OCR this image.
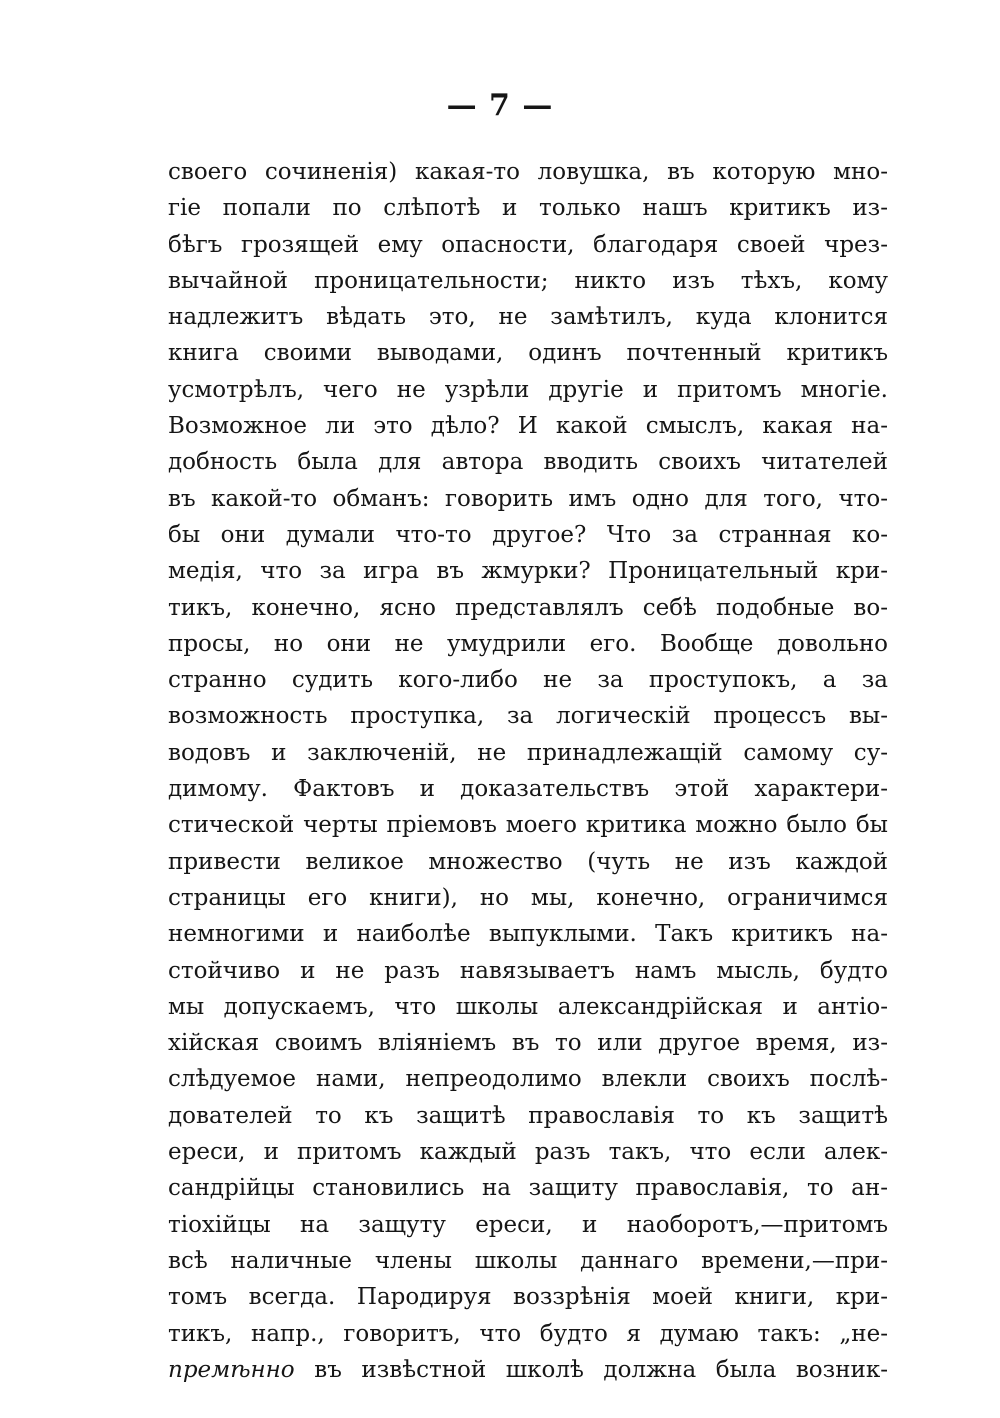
— 7 —
своего сочиненія) какая-то ловушка, въ которую мно-
гіе попали по слѣпотѣ и только нашъ критикъ из-
бѣгъ грозящей ему опасности, благодаря своей чрез-
вычайной проницательности; никто изъ тѣхъ, кому
надлежитъ вѣдать это, не замѣтилъ, куда клонится
книга своими выводами, одинъ почтенный критикъ
усмотрѣлъ, чего не узрѣли другіе и притомъ многіе.
Возможное ли это дѣло? И какой смыслъ, какая на-
добность была для автора вводить своихъ читателей
въ какой-то обманъ: говорить имъ одно для того, что-
бы они думали что-то другое? Что за странная ко-
медія, что за игра въ жмурки? Проницательный кри-
тикъ, конечно, ясно представлялъ себѣ подобные во-
просы, но они не умудрили его. Вообще довольно
странно судить кого-либо не за проступокъ, а за
возможность проступка, за логическій процессъ вы-
водовъ и заключеній, не принадлежащій самому су-
димому. Фактовъ и доказательствъ этой характери-
стической черты пріемовъ моего критика можно было бы
привести великое множество (чуть не изъ каждой
страницы его книги), но мы, конечно, ограничимся
немногими и наиболѣе выпуклыми. Такъ критикъ на-
стойчиво и не разъ навязываетъ намъ мысль, будто
мы допускаемъ, что школы александрійская и антіо-
хійская своимъ вліяніемъ въ то или другое время, из-
слѣдуемое нами, непреодолимо влекли своихъ послѣ-
дователей то къ защитѣ православія то къ защитѣ
ереси, и притомъ каждый разъ такъ, что если алек-
сандрійцы становились на защиту православія, то ан-
тіохійцы на защуту ереси, и наоборотъ,—притомъ
всѣ наличные члены школы даннаго времени,—при-
томъ всегда. Пародируя воззрѣнія моей книги, кри-
тикъ, напр., говоритъ, что будто я думаю такъ: „не-
премѣнно въ извѣстной школѣ должна была возник-
